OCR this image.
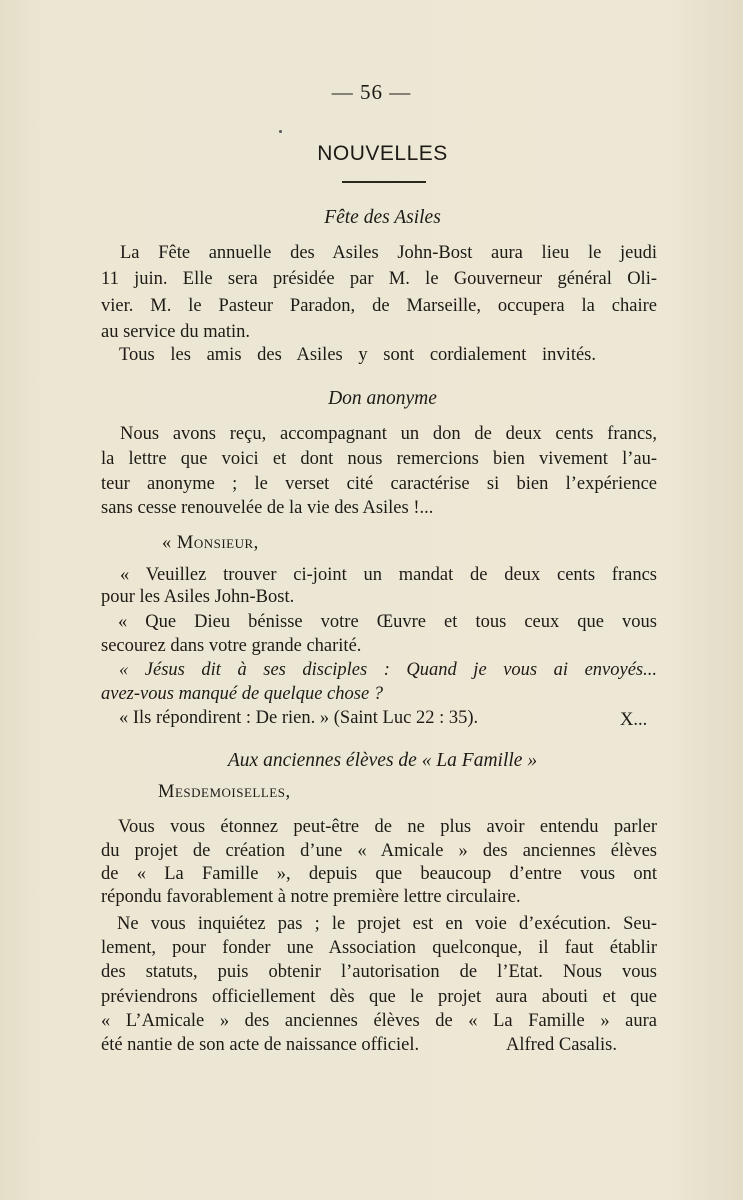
— 56 —
NOUVELLES
Fête des Asiles
La Fête annuelle des Asiles John-Bost aura lieu le jeudi
11 juin. Elle sera présidée par M. le Gouverneur général Oli-
vier. M. le Pasteur Paradon, de Marseille, occupera la chaire
au service du matin.
Tous les amis des Asiles y sont cordialement invités.
Don anonyme
Nous avons reçu, accompagnant un don de deux cents francs,
la lettre que voici et dont nous remercions bien vivement l’au-
teur anonyme ; le verset cité caractérise si bien l’expérience
sans cesse renouvelée de la vie des Asiles !...
« Monsieur,
« Veuillez trouver ci-joint un mandat de deux cents francs
pour les Asiles John-Bost.
« Que Dieu bénisse votre Œuvre et tous ceux que vous
secourez dans votre grande charité.
« Jésus dit à ses disciples : Quand je vous ai envoyés...
avez-vous manqué de quelque chose ?
« Ils répondirent : De rien. » (Saint Luc 22 : 35).	X...
Aux anciennes élèves de « La Famille »
Mesdemoiselles,
Vous vous étonnez peut-être de ne plus avoir entendu parler
du projet de création d’une « Amicale » des anciennes élèves
de « La Famille », depuis que beaucoup d’entre vous ont
répondu favorablement à notre première lettre circulaire.
Ne vous inquiétez pas ; le projet est en voie d’exécution. Seu-
lement, pour fonder une Association quelconque, il faut établir
des statuts, puis obtenir l’autorisation de l’Etat. Nous vous
préviendrons officiellement dès que le projet aura abouti et que
« L’Amicale » des anciennes élèves de « La Famille » aura
été nantie de son acte de naissance officiel.	Alfred Casalis.
